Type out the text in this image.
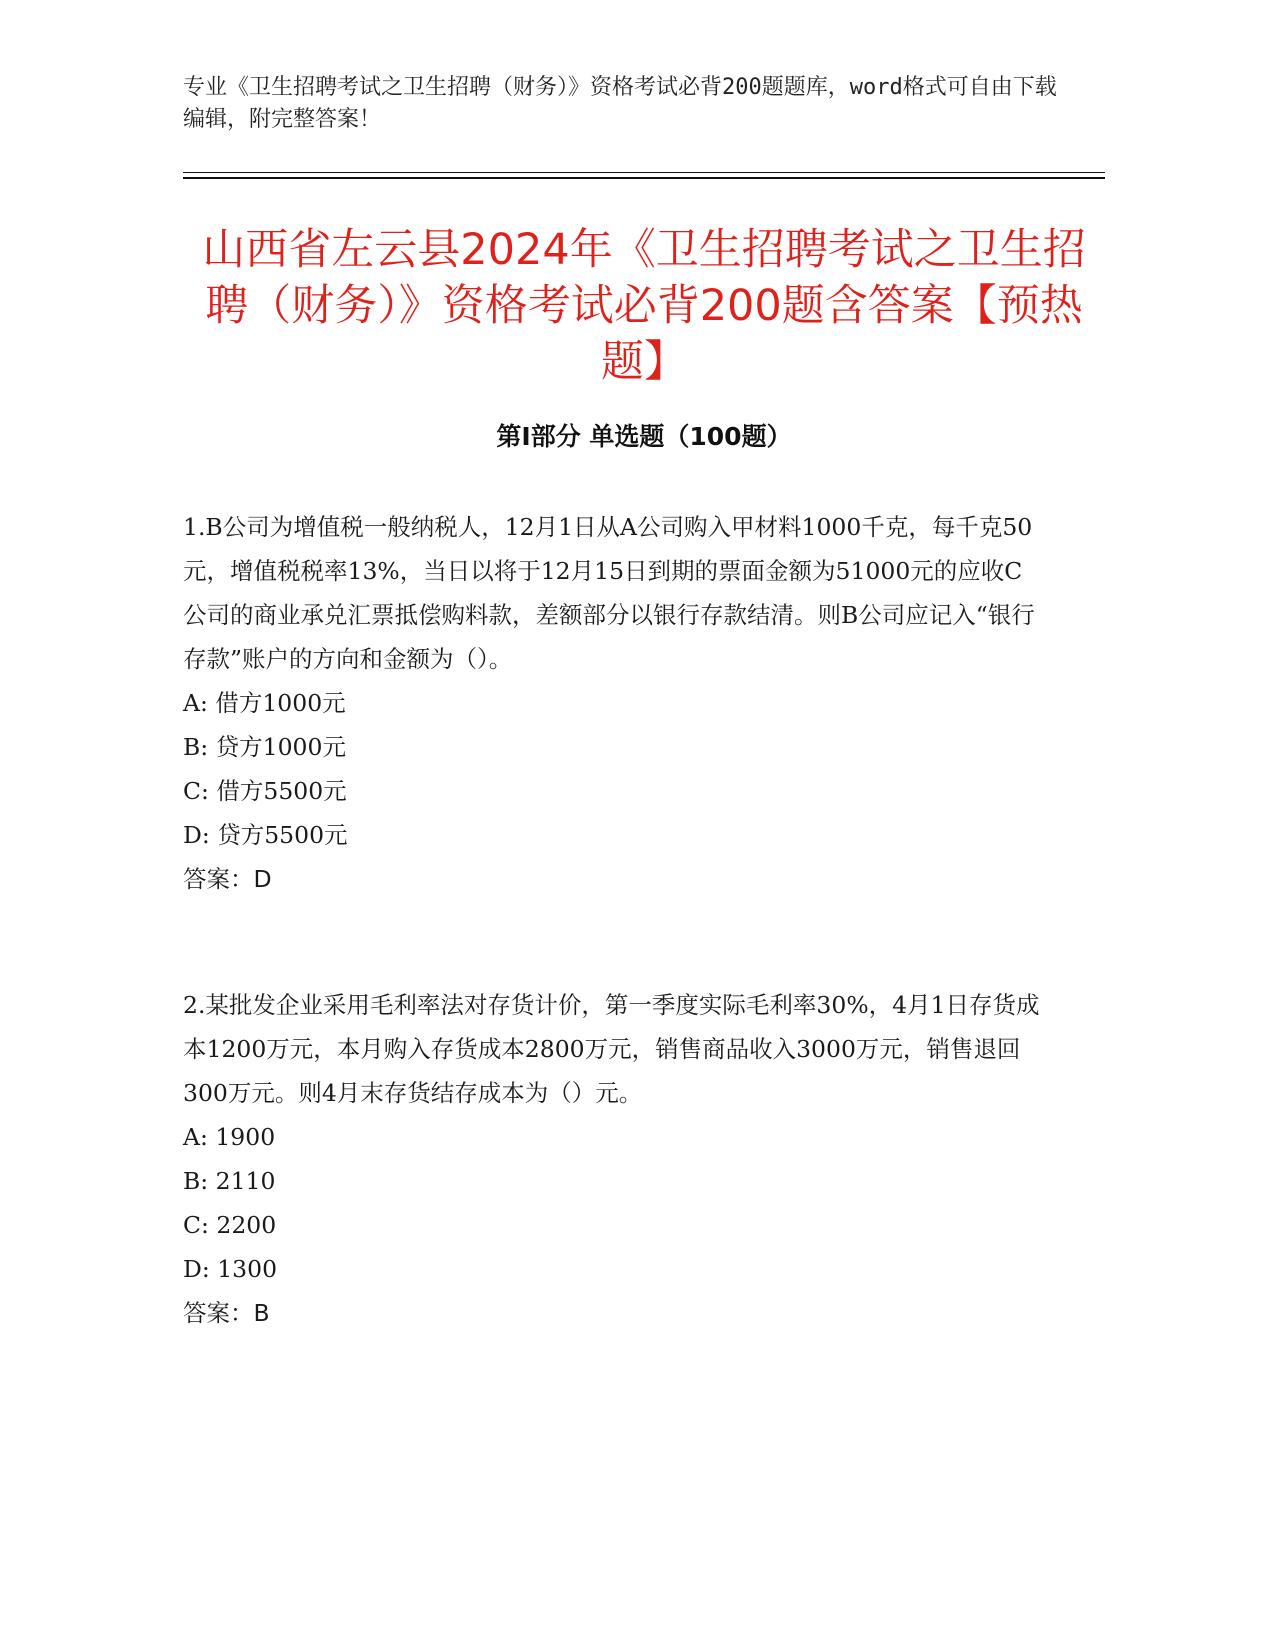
专业《卫生招聘考试之卫生招聘（财务）》资格考试必背200题题库，word格式可自由下载编辑，附完整答案！
山西省左云县2024年《卫生招聘考试之卫生招聘（财务）》资格考试必背200题含答案【预热题】
第I部分 单选题（100题）
1.B公司为增值税一般纳税人，12月1日从A公司购入甲材料1000千克，每千克50元，增值税税率13%，当日以将于12月15日到期的票面金额为51000元的应收C公司的商业承兑汇票抵偿购料款，差额部分以银行存款结清。则B公司应记入“银行存款”账户的方向和金额为（）。
A: 借方1000元
B: 贷方1000元
C: 借方5500元
D: 贷方5500元
答案：D
2.某批发企业采用毛利率法对存货计价，第一季度实际毛利率30%，4月1日存货成本1200万元，本月购入存货成本2800万元，销售商品收入3000万元，销售退回300万元。则4月末存货结存成本为（）元。
A: 1900
B: 2110
C: 2200
D: 1300
答案：B
